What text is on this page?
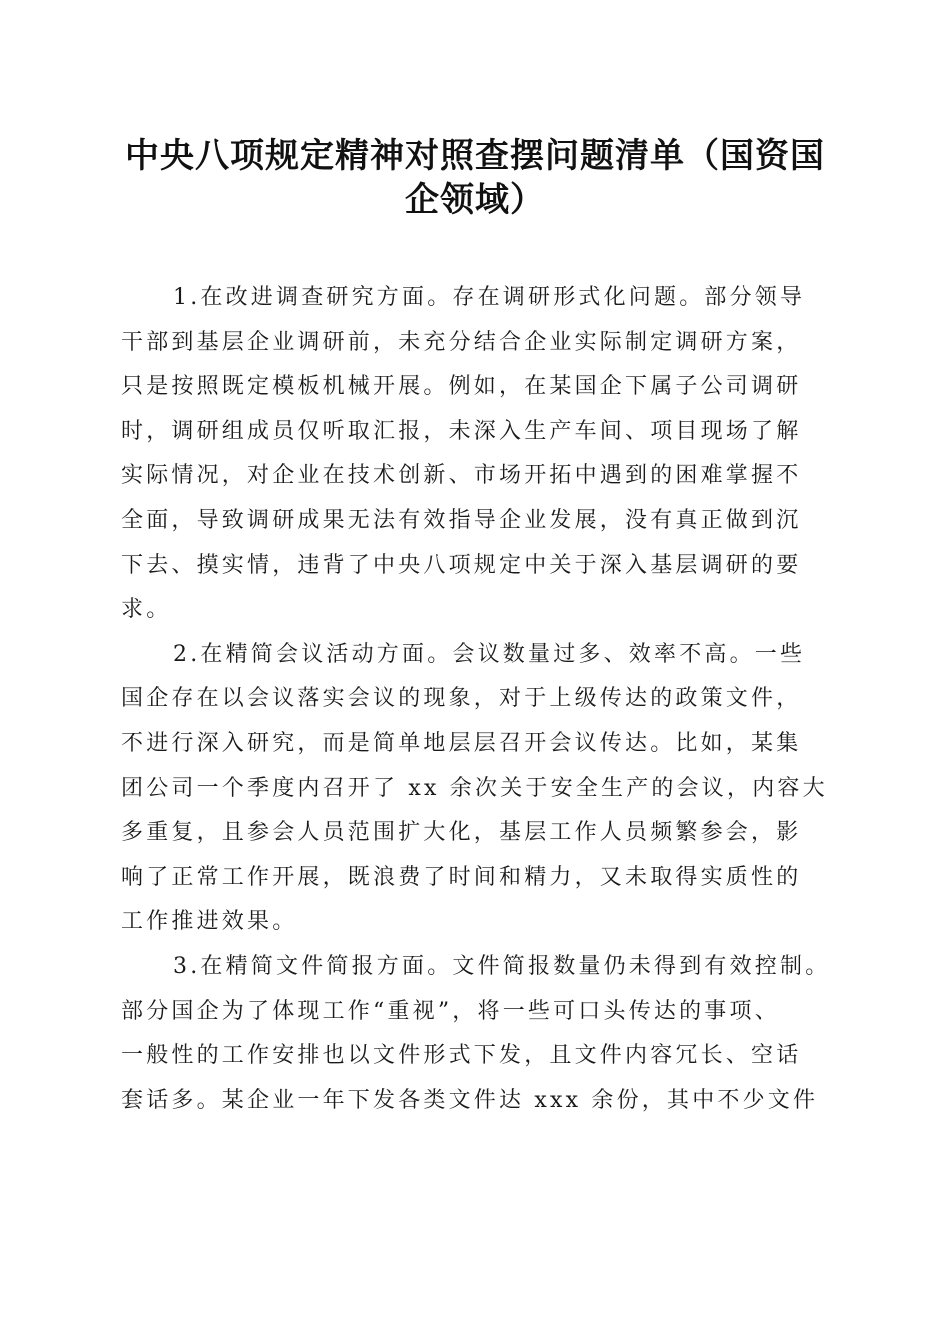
中央八项规定精神对照查摆问题清单（国资国
企领域）
1.在改进调查研究方面。存在调研形式化问题。部分领导
干部到基层企业调研前，未充分结合企业实际制定调研方案，
只是按照既定模板机械开展。例如，在某国企下属子公司调研
时，调研组成员仅听取汇报，未深入生产车间、项目现场了解
实际情况，对企业在技术创新、市场开拓中遇到的困难掌握不
全面，导致调研成果无法有效指导企业发展，没有真正做到沉
下去、摸实情，违背了中央八项规定中关于深入基层调研的要
求。
2.在精简会议活动方面。会议数量过多、效率不高。一些
国企存在以会议落实会议的现象，对于上级传达的政策文件，
不进行深入研究，而是简单地层层召开会议传达。比如，某集
团公司一个季度内召开了 xx 余次关于安全生产的会议，内容大
多重复，且参会人员范围扩大化，基层工作人员频繁参会，影
响了正常工作开展，既浪费了时间和精力，又未取得实质性的
工作推进效果。
3.在精简文件简报方面。文件简报数量仍未得到有效控制。
部分国企为了体现工作“重视”，将一些可口头传达的事项、
一般性的工作安排也以文件形式下发，且文件内容冗长、空话
套话多。某企业一年下发各类文件达 xxx 余份，其中不少文件
